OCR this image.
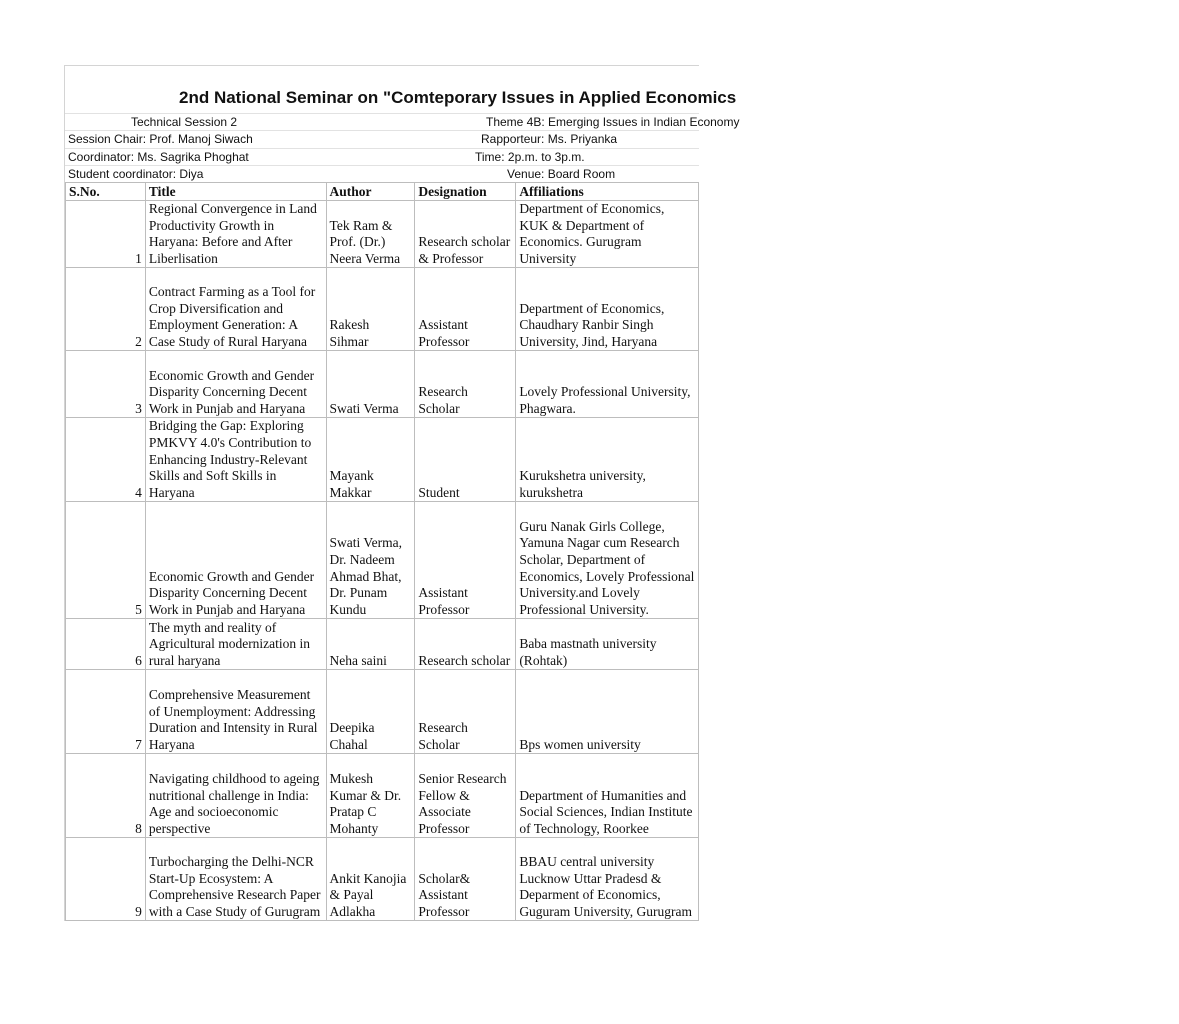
2nd National Seminar on "Comteporary Issues in Applied Economics
Technical Session 2	Theme 4B: Emerging Issues in Indian Economy
Session Chair: Prof. Manoj Siwach	Rapporteur: Ms. Priyanka
Coordinator: Ms. Sagrika Phoghat	Time: 2p.m. to 3p.m.
Student coordinator: Diya	Venue: Board Room
S.No.	Title	Author	Designation	Affiliations
1	Regional Convergence in Land Productivity Growth in Haryana: Before and After Liberlisation	Tek Ram & Prof. (Dr.) Neera Verma	Research scholar & Professor	Department of Economics, KUK & Department of Economics. Gurugram University
2	Contract Farming as a Tool for Crop Diversification and Employment Generation: A Case Study of Rural Haryana	Rakesh Sihmar	Assistant Professor	Department of Economics, Chaudhary Ranbir Singh University, Jind, Haryana
3	Economic Growth and Gender Disparity Concerning Decent Work in Punjab and Haryana	Swati Verma	Research Scholar	Lovely Professional University, Phagwara.
4	Bridging the Gap: Exploring PMKVY 4.0's Contribution to Enhancing Industry-Relevant Skills and Soft Skills in Haryana	Mayank Makkar	Student	Kurukshetra university, kurukshetra
5	Economic Growth and Gender Disparity Concerning Decent Work in Punjab and Haryana	Swati Verma, Dr. Nadeem Ahmad Bhat, Dr. Punam Kundu	Assistant Professor	Guru Nanak Girls College, Yamuna Nagar cum Research Scholar, Department of Economics, Lovely Professional University.and Lovely Professional University.
6	The myth and reality of Agricultural modernization in rural haryana	Neha saini	Research scholar	Baba mastnath university (Rohtak)
7	Comprehensive Measurement of Unemployment: Addressing Duration and Intensity in Rural Haryana	Deepika Chahal	Research Scholar	Bps women university
8	Navigating childhood to ageing nutritional challenge in India: Age and socioeconomic perspective	Mukesh Kumar & Dr. Pratap C Mohanty	Senior Research Fellow & Associate Professor	Department of Humanities and Social Sciences, Indian Institute of Technology, Roorkee
9	Turbocharging the Delhi-NCR Start-Up Ecosystem: A Comprehensive Research Paper with a Case Study of Gurugram	Ankit Kanojia & Payal Adlakha	Scholar& Assistant Professor	BBAU central university Lucknow Uttar Pradesd & Deparment of Economics, Guguram University, Gurugram
